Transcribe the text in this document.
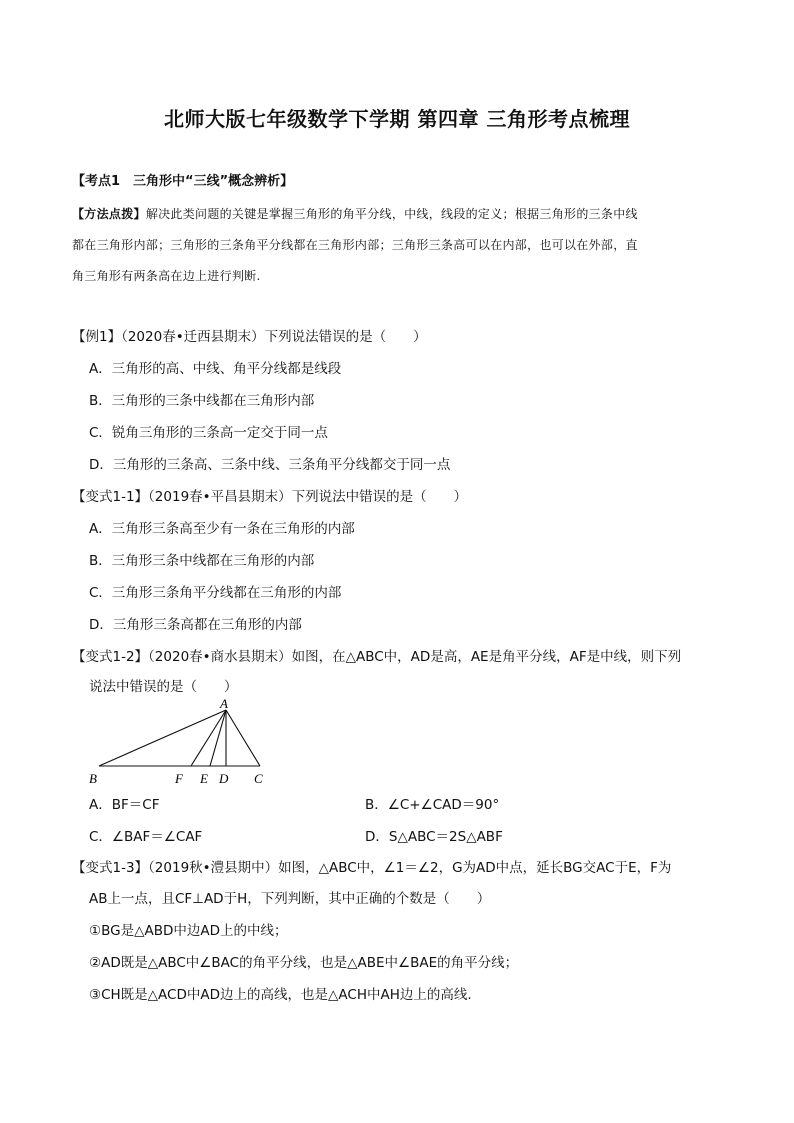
北师大版七年级数学下学期 第四章 三角形考点梳理
【考点1　三角形中“三线”概念辨析】
【方法点拨】解决此类问题的关键是掌握三角形的角平分线，中线，线段的定义；根据三角形的三条中线
都在三角形内部；三角形的三条角平分线都在三角形内部；三角形三条高可以在内部，也可以在外部，直
角三角形有两条高在边上进行判断.
【例1】（2020春•迁西县期末）下列说法错误的是（　　）
A．三角形的高、中线、角平分线都是线段
B．三角形的三条中线都在三角形内部
C．锐角三角形的三条高一定交于同一点
D．三角形的三条高、三条中线、三条角平分线都交于同一点
【变式1-1】（2019春•平昌县期末）下列说法中错误的是（　　）
A．三角形三条高至少有一条在三角形的内部
B．三角形三条中线都在三角形的内部
C．三角形三条角平分线都在三角形的内部
D．三角形三条高都在三角形的内部
【变式1-2】（2020春•商水县期末）如图，在△ABC中，AD是高，AE是角平分线，AF是中线，则下列
说法中错误的是（　　）
A
B	F E D C
A．BF＝CF	B．∠C+∠CAD＝90°
C．∠BAF＝∠CAF	D．S△ABC＝2S△ABF
【变式1-3】（2019秋•澧县期中）如图，△ABC中，∠1＝∠2，G为AD中点，延长BG交AC于E，F为
AB上一点，且CF⊥AD于H，下列判断，其中正确的个数是（　　）
①BG是△ABD中边AD上的中线；
②AD既是△ABC中∠BAC的角平分线，也是△ABE中∠BAE的角平分线；
③CH既是△ACD中AD边上的高线，也是△ACH中AH边上的高线.
